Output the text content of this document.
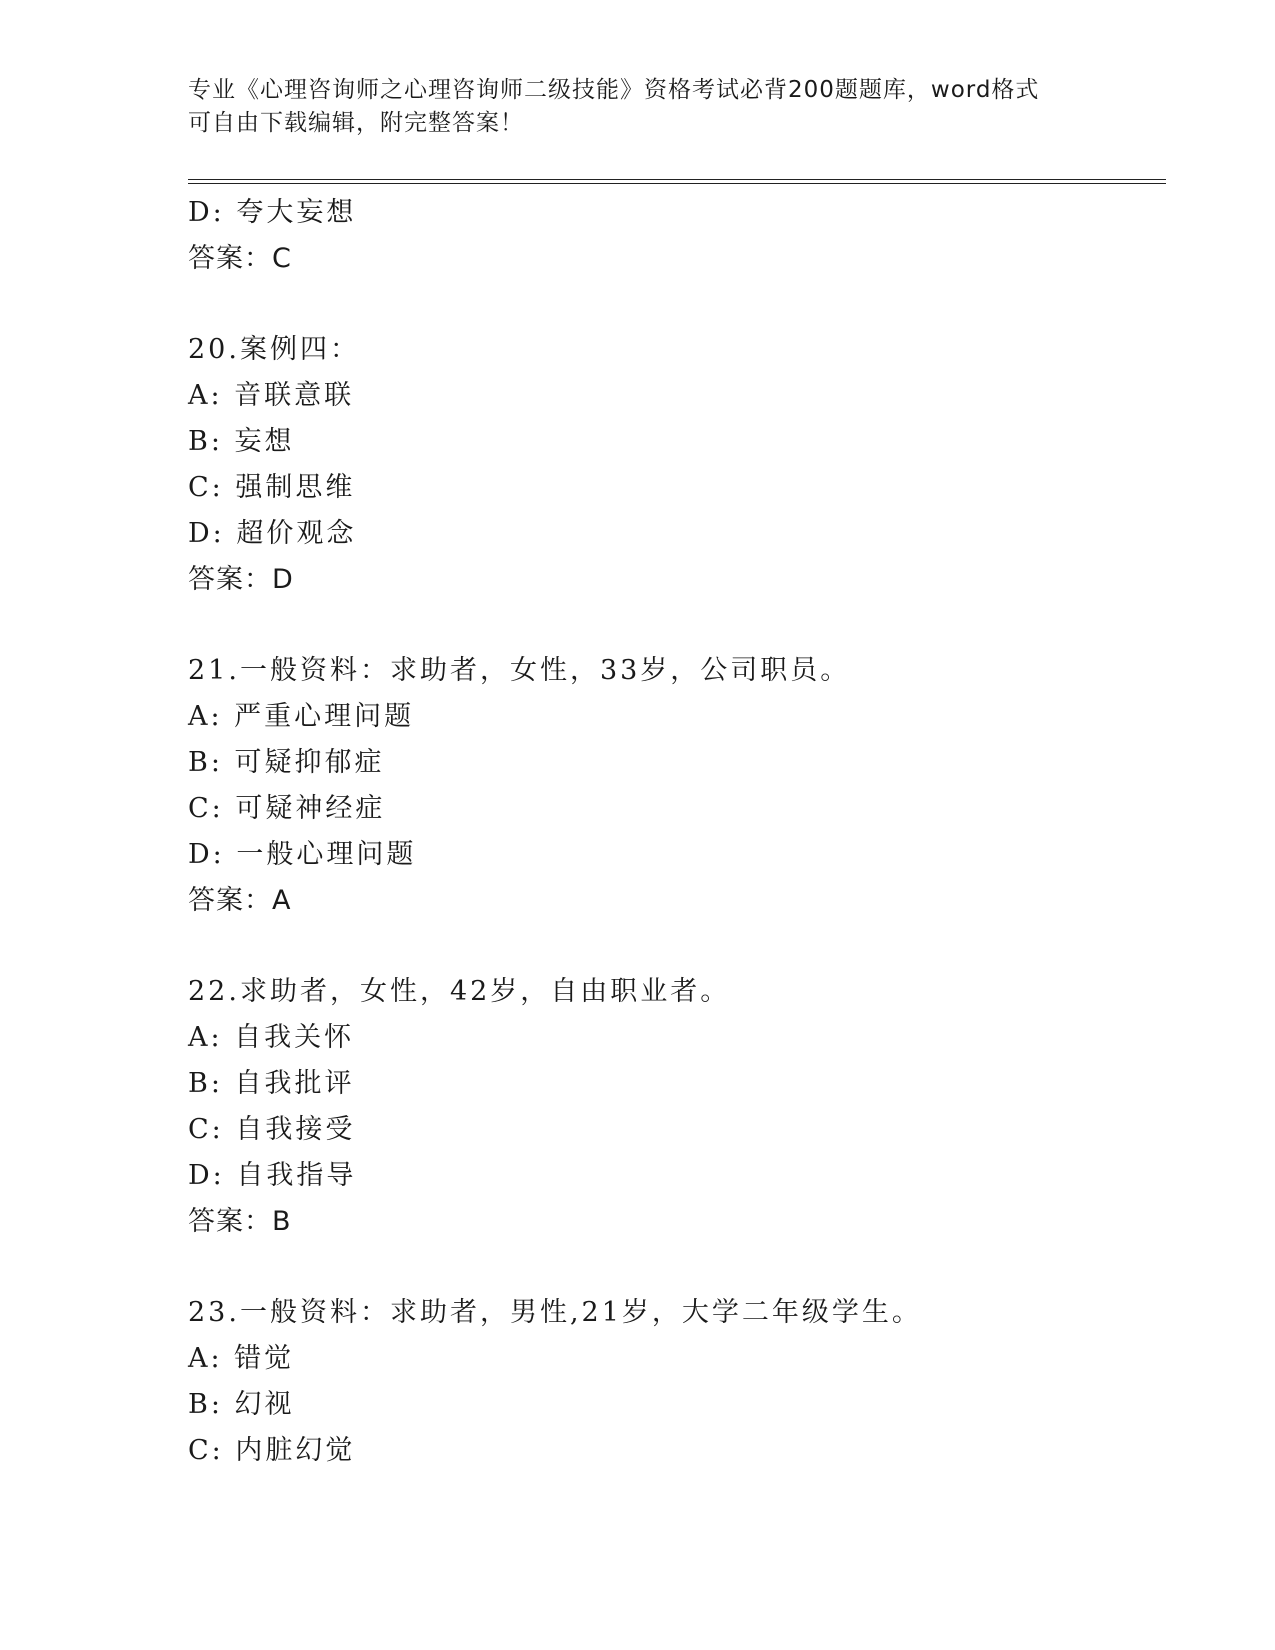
专业《心理咨询师之心理咨询师二级技能》资格考试必背200题题库，word格式
可自由下载编辑，附完整答案！
D: 夸大妄想
答案：C
20.案例四：
A: 音联意联
B: 妄想
C: 强制思维
D: 超价观念
答案：D
21.一般资料：求助者，女性，33岁，公司职员。
A: 严重心理问题
B: 可疑抑郁症
C: 可疑神经症
D: 一般心理问题
答案：A
22.求助者，女性，42岁，自由职业者。
A: 自我关怀
B: 自我批评
C: 自我接受
D: 自我指导
答案：B
23.一般资料：求助者，男性,21岁，大学二年级学生。
A: 错觉
B: 幻视
C: 内脏幻觉
